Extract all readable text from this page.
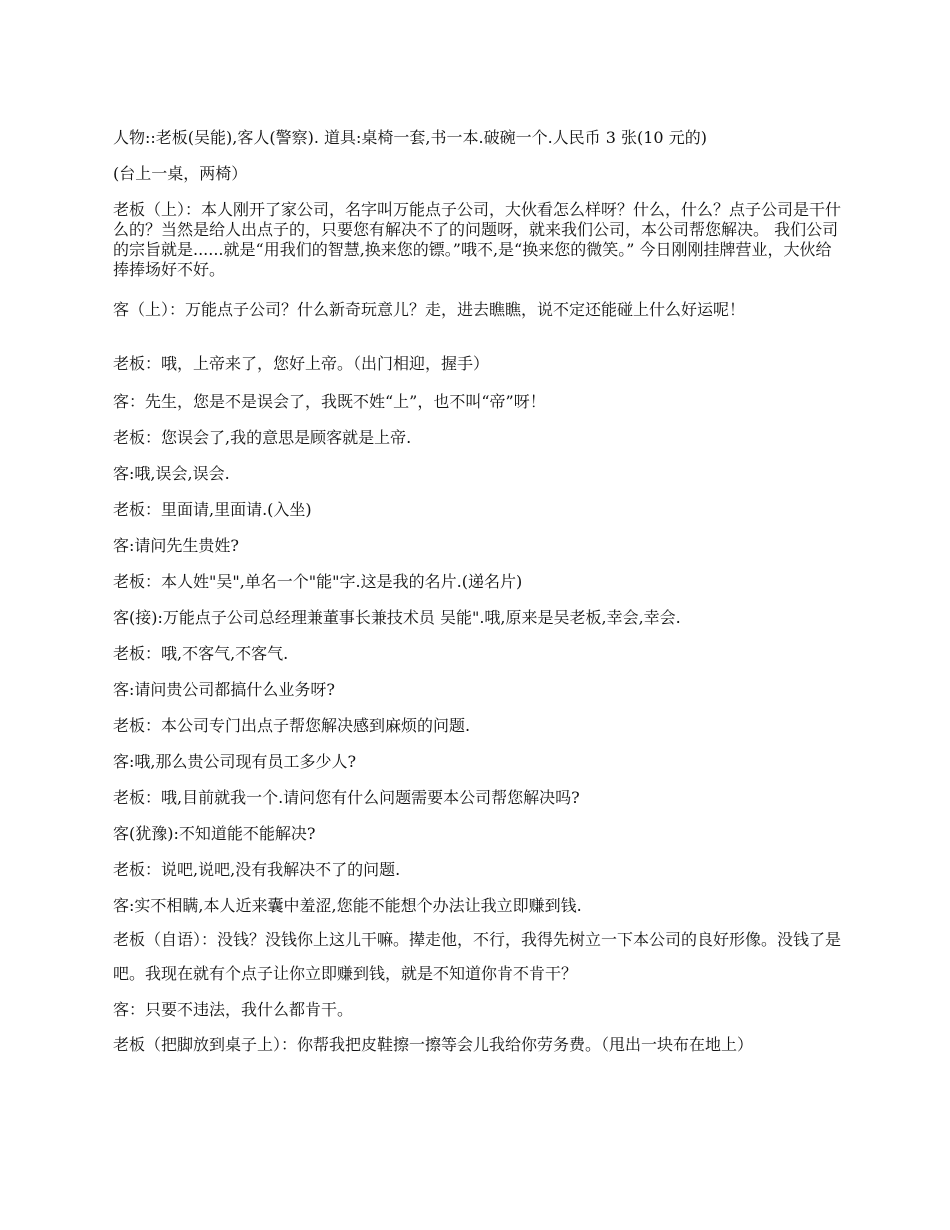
人物::老板(吴能),客人(警察). 道具:桌椅一套,书一本.破碗一个.人民币 3 张(10 元的)

(台上一桌，两椅）

老板（上）：本人刚开了家公司，名字叫万能点子公司，大伙看怎么样呀？什么，什么？点子公司是干什么的？当然是给人出点子的，只要您有解决不了的问题呀，就来我们公司，本公司帮您解决。 我们公司的宗旨就是......就是“用我们的智慧,换来您的镖。”哦不,是“换来您的微笑。” 今日刚刚挂牌营业，大伙给捧捧场好不好。

客（上）：万能点子公司？什么新奇玩意儿？走，进去瞧瞧，说不定还能碰上什么好运呢！

老板：哦，上帝来了，您好上帝。（出门相迎，握手）

客：先生，您是不是误会了，我既不姓“上”，也不叫“帝”呀！

老板：您误会了,我的意思是顾客就是上帝.

客:哦,误会,误会.

老板：里面请,里面请.(入坐)

客:请问先生贵姓?

老板：本人姓"吴",单名一个"能"字.这是我的名片.(递名片)

客(接):万能点子公司总经理兼董事长兼技术员 吴能".哦,原来是吴老板,幸会,幸会.

老板：哦,不客气,不客气.

客:请问贵公司都搞什么业务呀?

老板：本公司专门出点子帮您解决感到麻烦的问题.

客:哦,那么贵公司现有员工多少人?

老板：哦,目前就我一个.请问您有什么问题需要本公司帮您解决吗?

客(犹豫):不知道能不能解决?

老板：说吧,说吧,没有我解决不了的问题.

客:实不相瞒,本人近来囊中羞涩,您能不能想个办法让我立即赚到钱.

老板（自语）：没钱？没钱你上这儿干嘛。撵走他，不行，我得先树立一下本公司的良好形像。没钱了是吧。我现在就有个点子让你立即赚到钱，就是不知道你肯不肯干？

客：只要不违法，我什么都肯干。

老板（把脚放到桌子上）：你帮我把皮鞋擦一擦等会儿我给你劳务费。（甩出一块布在地上）
